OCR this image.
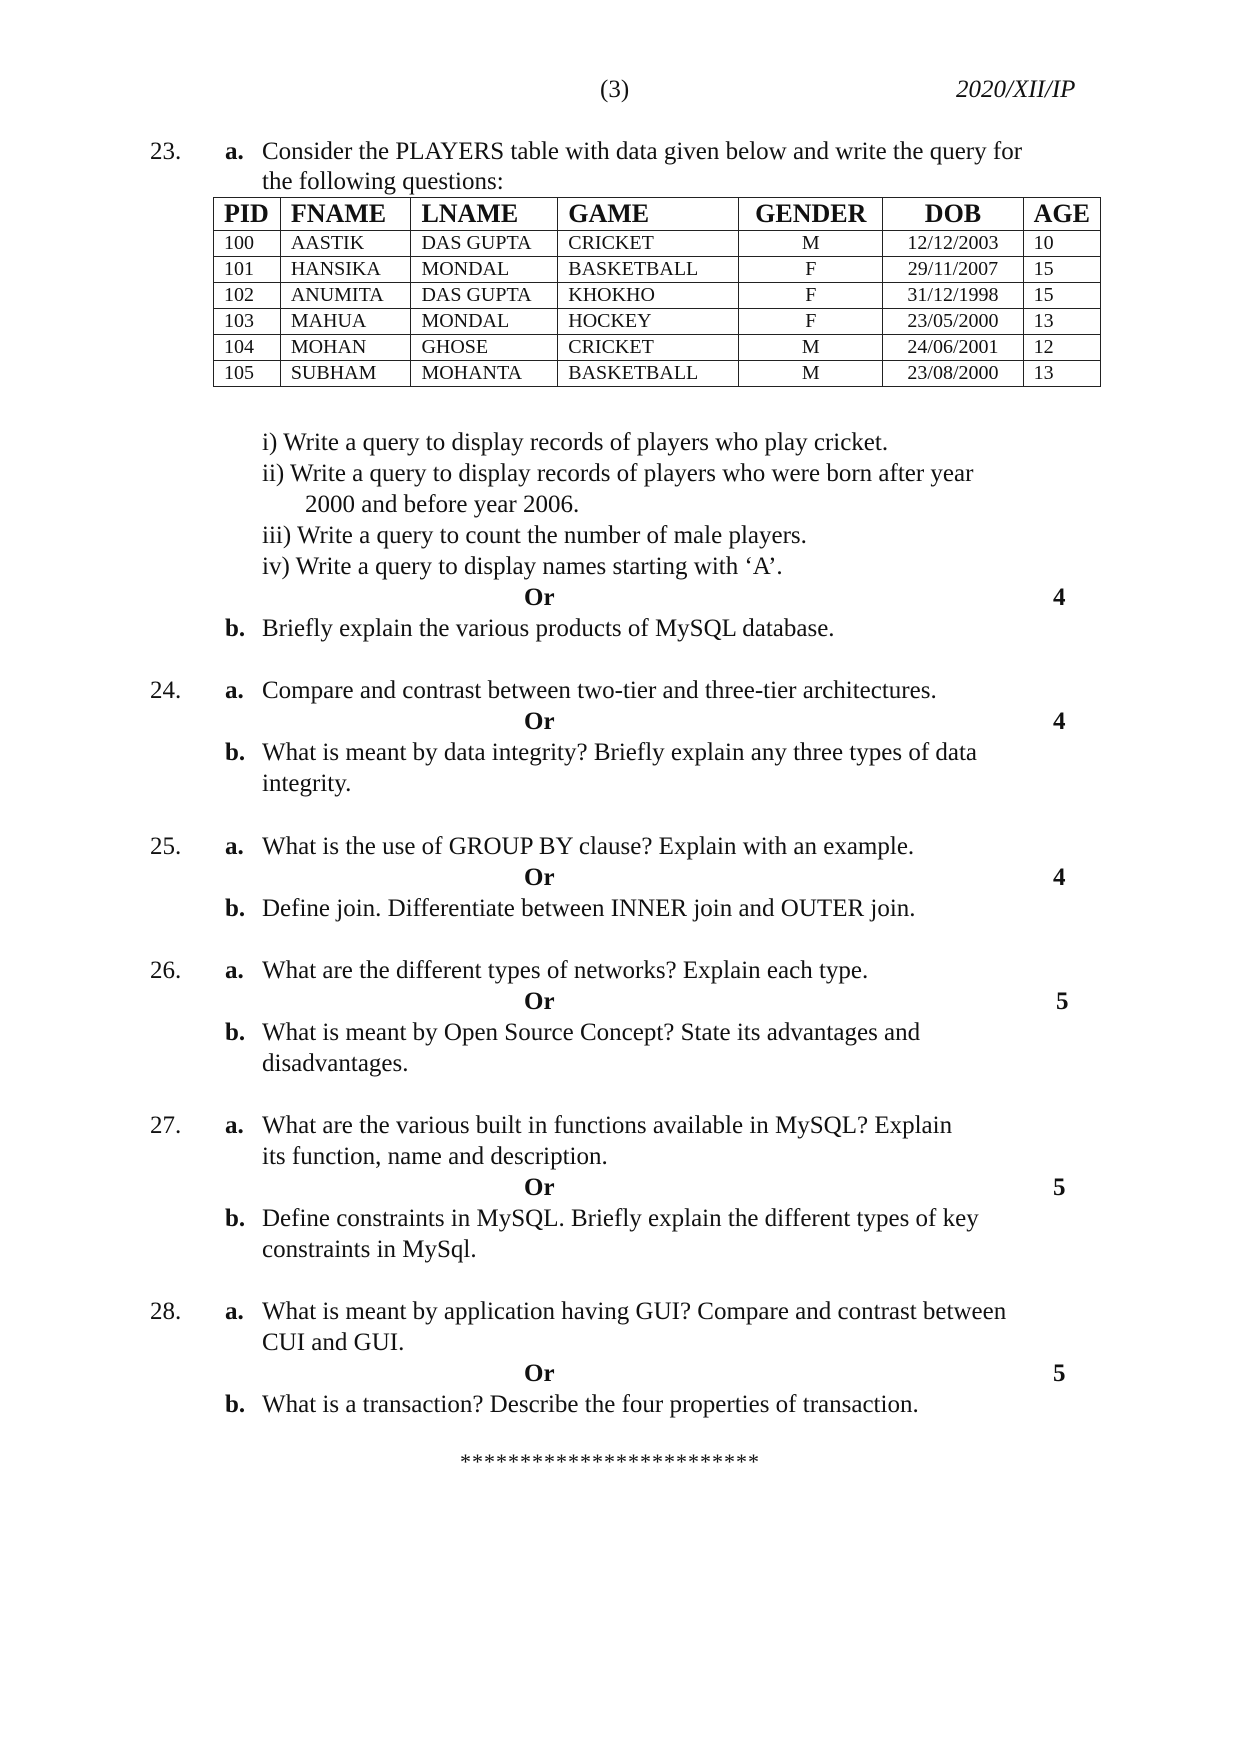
(3)	2020/XII/IP
23. a. Consider the PLAYERS table with data given below and write the query for
the following questions:
PID	FNAME	LNAME	GAME	GENDER	DOB	AGE
100	AASTIK	DAS GUPTA	CRICKET	M	12/12/2003	10
101	HANSIKA	MONDAL	BASKETBALL	F	29/11/2007	15
102	ANUMITA	DAS GUPTA	KHOKHO	F	31/12/1998	15
103	MAHUA	MONDAL	HOCKEY	F	23/05/2000	13
104	MOHAN	GHOSE	CRICKET	M	24/06/2001	12
105	SUBHAM	MOHANTA	BASKETBALL	M	23/08/2000	13
i) Write a query to display records of players who play cricket.
ii) Write a query to display records of players who were born after year
2000 and before year 2006.
iii) Write a query to count the number of male players.
iv) Write a query to display names starting with ‘A’.
Or	4
b. Briefly explain the various products of MySQL database.
24. a. Compare and contrast between two-tier and three-tier architectures.
Or	4
b. What is meant by data integrity? Briefly explain any three types of data
integrity.
25. a. What is the use of GROUP BY clause? Explain with an example.
Or	4
b. Define join. Differentiate between INNER join and OUTER join.
26. a. What are the different types of networks? Explain each type.
Or	5
b. What is meant by Open Source Concept? State its advantages and
disadvantages.
27. a. What are the various built in functions available in MySQL? Explain
its function, name and description.
Or	5
b. Define constraints in MySQL. Briefly explain the different types of key
constraints in MySql.
28. a. What is meant by application having GUI? Compare and contrast between
CUI and GUI.
Or	5
b. What is a transaction? Describe the four properties of transaction.
*************************
